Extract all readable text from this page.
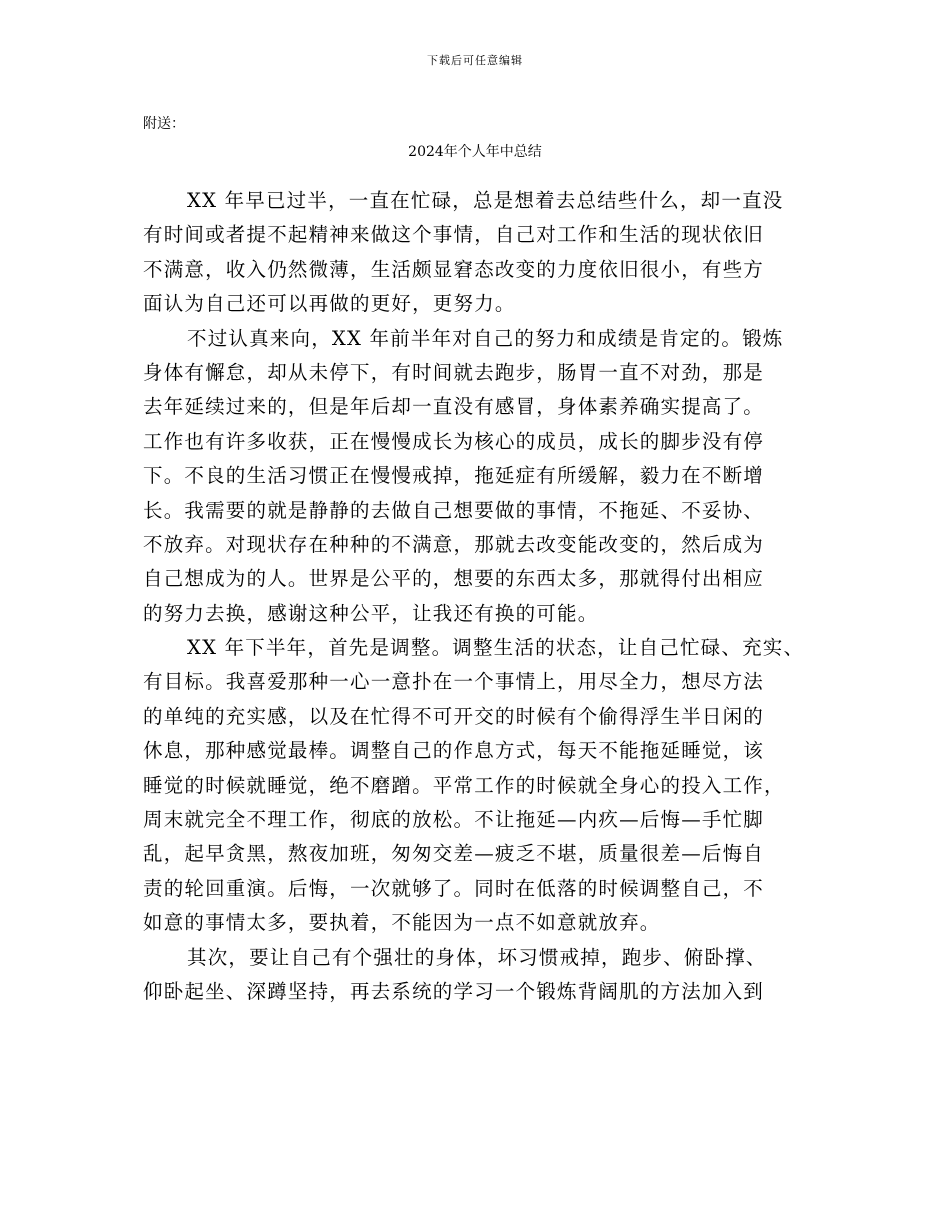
下载后可任意编辑
附送：
2024年个人年中总结
XX 年早已过半，一直在忙碌，总是想着去总结些什么，却一直没
有时间或者提不起精神来做这个事情，自己对工作和生活的现状依旧
不满意，收入仍然微薄，生活颇显窘态改变的力度依旧很小，有些方
面认为自己还可以再做的更好，更努力。
不过认真来向，XX 年前半年对自己的努力和成绩是肯定的。锻炼
身体有懈怠，却从未停下，有时间就去跑步，肠胃一直不对劲，那是
去年延续过来的，但是年后却一直没有感冒，身体素养确实提高了。
工作也有许多收获，正在慢慢成长为核心的成员，成长的脚步没有停
下。不良的生活习惯正在慢慢戒掉，拖延症有所缓解，毅力在不断增
长。我需要的就是静静的去做自己想要做的事情，不拖延、不妥协、
不放弃。对现状存在种种的不满意，那就去改变能改变的，然后成为
自己想成为的人。世界是公平的，想要的东西太多，那就得付出相应
的努力去换，感谢这种公平，让我还有换的可能。
XX 年下半年，首先是调整。调整生活的状态，让自己忙碌、充实、
有目标。我喜爱那种一心一意扑在一个事情上，用尽全力，想尽方法
的单纯的充实感，以及在忙得不可开交的时候有个偷得浮生半日闲的
休息，那种感觉最棒。调整自己的作息方式，每天不能拖延睡觉，该
睡觉的时候就睡觉，绝不磨蹭。平常工作的时候就全身心的投入工作，
周末就完全不理工作，彻底的放松。不让拖延—内疚—后悔—手忙脚
乱，起早贪黑，熬夜加班，匆匆交差—疲乏不堪，质量很差—后悔自
责的轮回重演。后悔，一次就够了。同时在低落的时候调整自己，不
如意的事情太多，要执着，不能因为一点不如意就放弃。
其次，要让自己有个强壮的身体，坏习惯戒掉，跑步、俯卧撑、
仰卧起坐、深蹲坚持，再去系统的学习一个锻炼背阔肌的方法加入到
